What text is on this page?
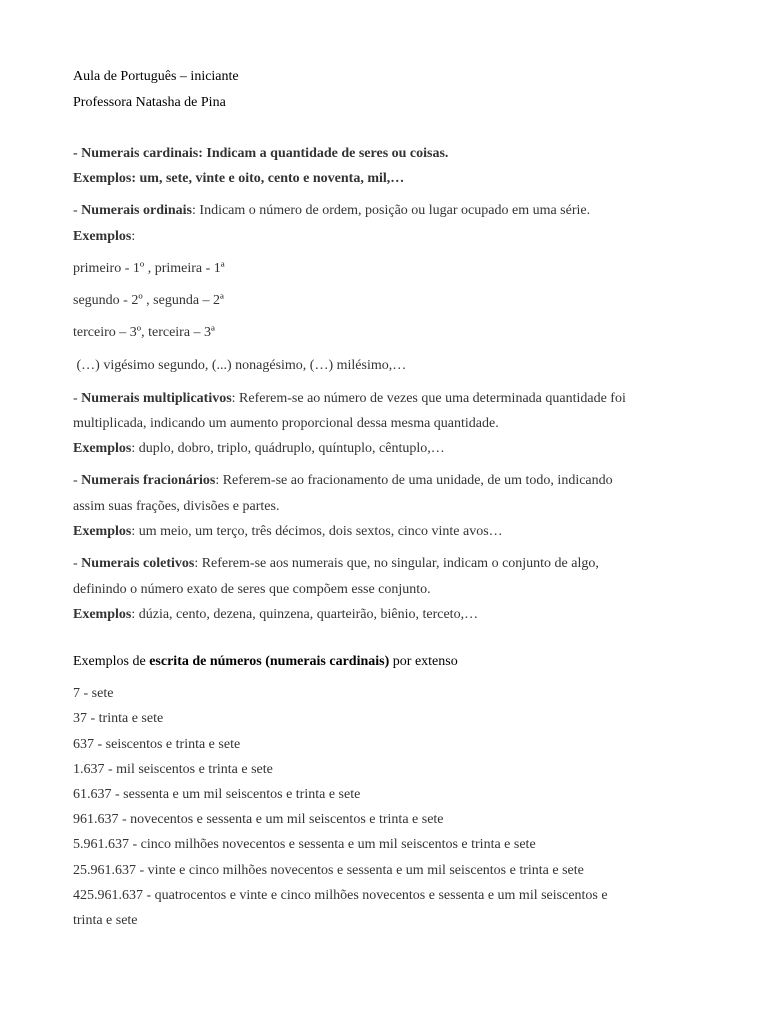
Aula de Português – iniciante
Professora Natasha de Pina
- Numerais cardinais: Indicam a quantidade de seres ou coisas.
Exemplos: um, sete, vinte e oito, cento e noventa, mil,…
- Numerais ordinais: Indicam o número de ordem, posição ou lugar ocupado em uma série.
Exemplos:
primeiro - 1º , primeira - 1ª
segundo - 2º , segunda – 2ª
terceiro – 3º, terceira – 3ª
(…) vigésimo segundo, (...) nonagésimo, (…) milésimo,…
- Numerais multiplicativos: Referem-se ao número de vezes que uma determinada quantidade foi
multiplicada, indicando um aumento proporcional dessa mesma quantidade.
Exemplos: duplo, dobro, triplo, quádruplo, quíntuplo, cêntuplo,…
- Numerais fracionários: Referem-se ao fracionamento de uma unidade, de um todo, indicando
assim suas frações, divisões e partes.
Exemplos: um meio, um terço, três décimos, dois sextos, cinco vinte avos…
- Numerais coletivos: Referem-se aos numerais que, no singular, indicam o conjunto de algo,
definindo o número exato de seres que compõem esse conjunto.
Exemplos: dúzia, cento, dezena, quinzena, quarteirão, biênio, terceto,…
Exemplos de escrita de números (numerais cardinais) por extenso
7 - sete
37 - trinta e sete
637 - seiscentos e trinta e sete
1.637 - mil seiscentos e trinta e sete
61.637 - sessenta e um mil seiscentos e trinta e sete
961.637 - novecentos e sessenta e um mil seiscentos e trinta e sete
5.961.637 - cinco milhões novecentos e sessenta e um mil seiscentos e trinta e sete
25.961.637 - vinte e cinco milhões novecentos e sessenta e um mil seiscentos e trinta e sete
425.961.637 - quatrocentos e vinte e cinco milhões novecentos e sessenta e um mil seiscentos e
trinta e sete
